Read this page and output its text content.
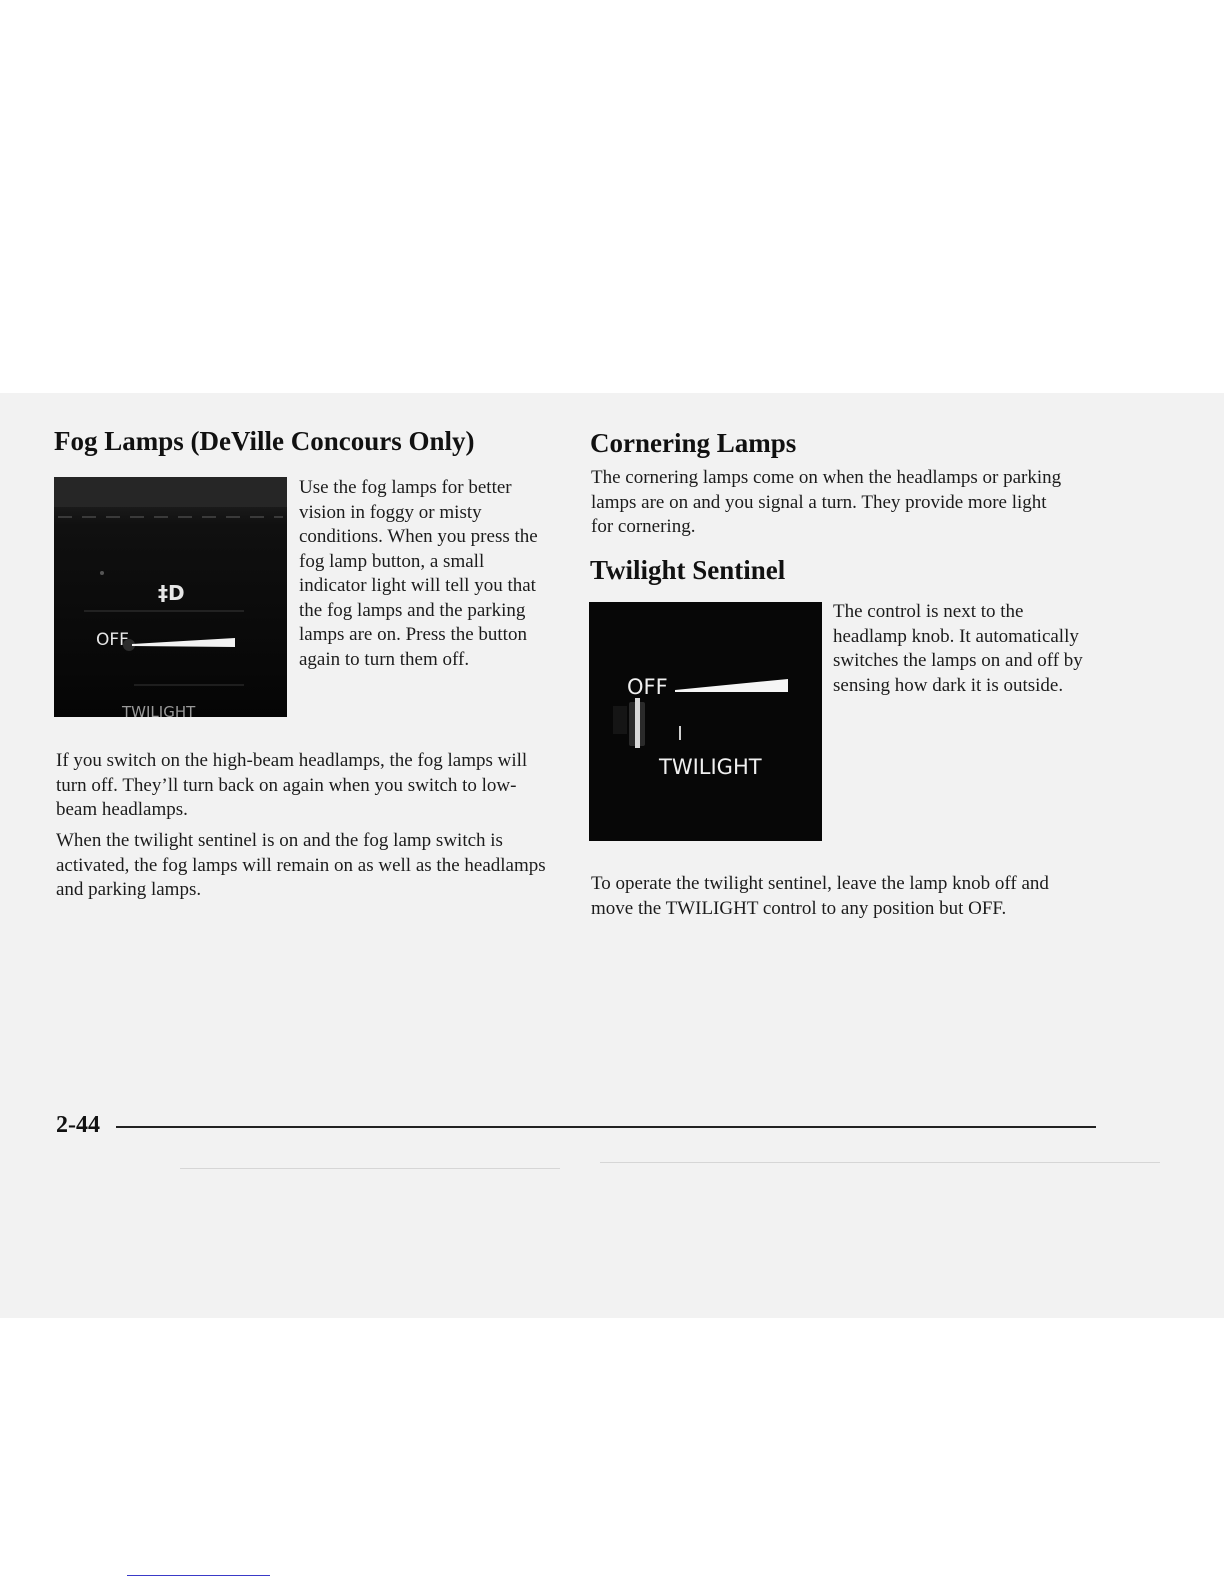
Fog Lamps (DeVille Concours Only)
‡D
OFF
TWILIGHT

Use the fog lamps for better vision in foggy or misty conditions. When you press the fog lamp button, a small indicator light will tell you that the fog lamps and the parking lamps are on. Press the button again to turn them off.

If you switch on the high-beam headlamps, the fog lamps will turn off. They’ll turn back on again when you switch to low-beam headlamps.

When the twilight sentinel is on and the fog lamp switch is activated, the fog lamps will remain on as well as the headlamps and parking lamps.

Cornering Lamps

The cornering lamps come on when the headlamps or parking lamps are on and you signal a turn. They provide more light for cornering.

Twilight Sentinel
OFF
TWILIGHT

The control is next to the headlamp knob. It automatically switches the lamps on and off by sensing how dark it is outside.

To operate the twilight sentinel, leave the lamp knob off and move the TWILIGHT control to any position but OFF.

2-44
